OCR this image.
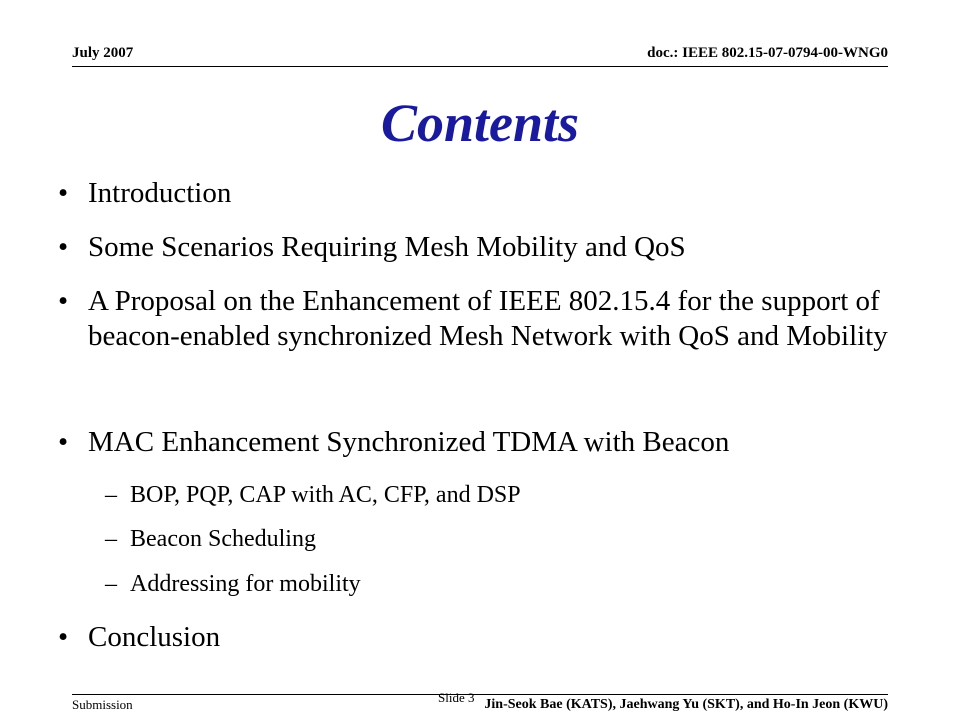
July 2007	doc.: IEEE 802.15-07-0794-00-WNG0
Contents
• Introduction
• Some Scenarios Requiring Mesh Mobility and QoS
• A Proposal on the Enhancement of IEEE 802.15.4 for the support of beacon-enabled synchronized Mesh Network with QoS and Mobility
• MAC Enhancement Synchronized TDMA with Beacon
– BOP, PQP, CAP with AC, CFP, and DSP
– Beacon Scheduling
– Addressing for mobility
• Conclusion
Submission	Slide 3 Jin-Seok Bae (KATS), Jaehwang Yu (SKT), and Ho-In Jeon (KWU)
